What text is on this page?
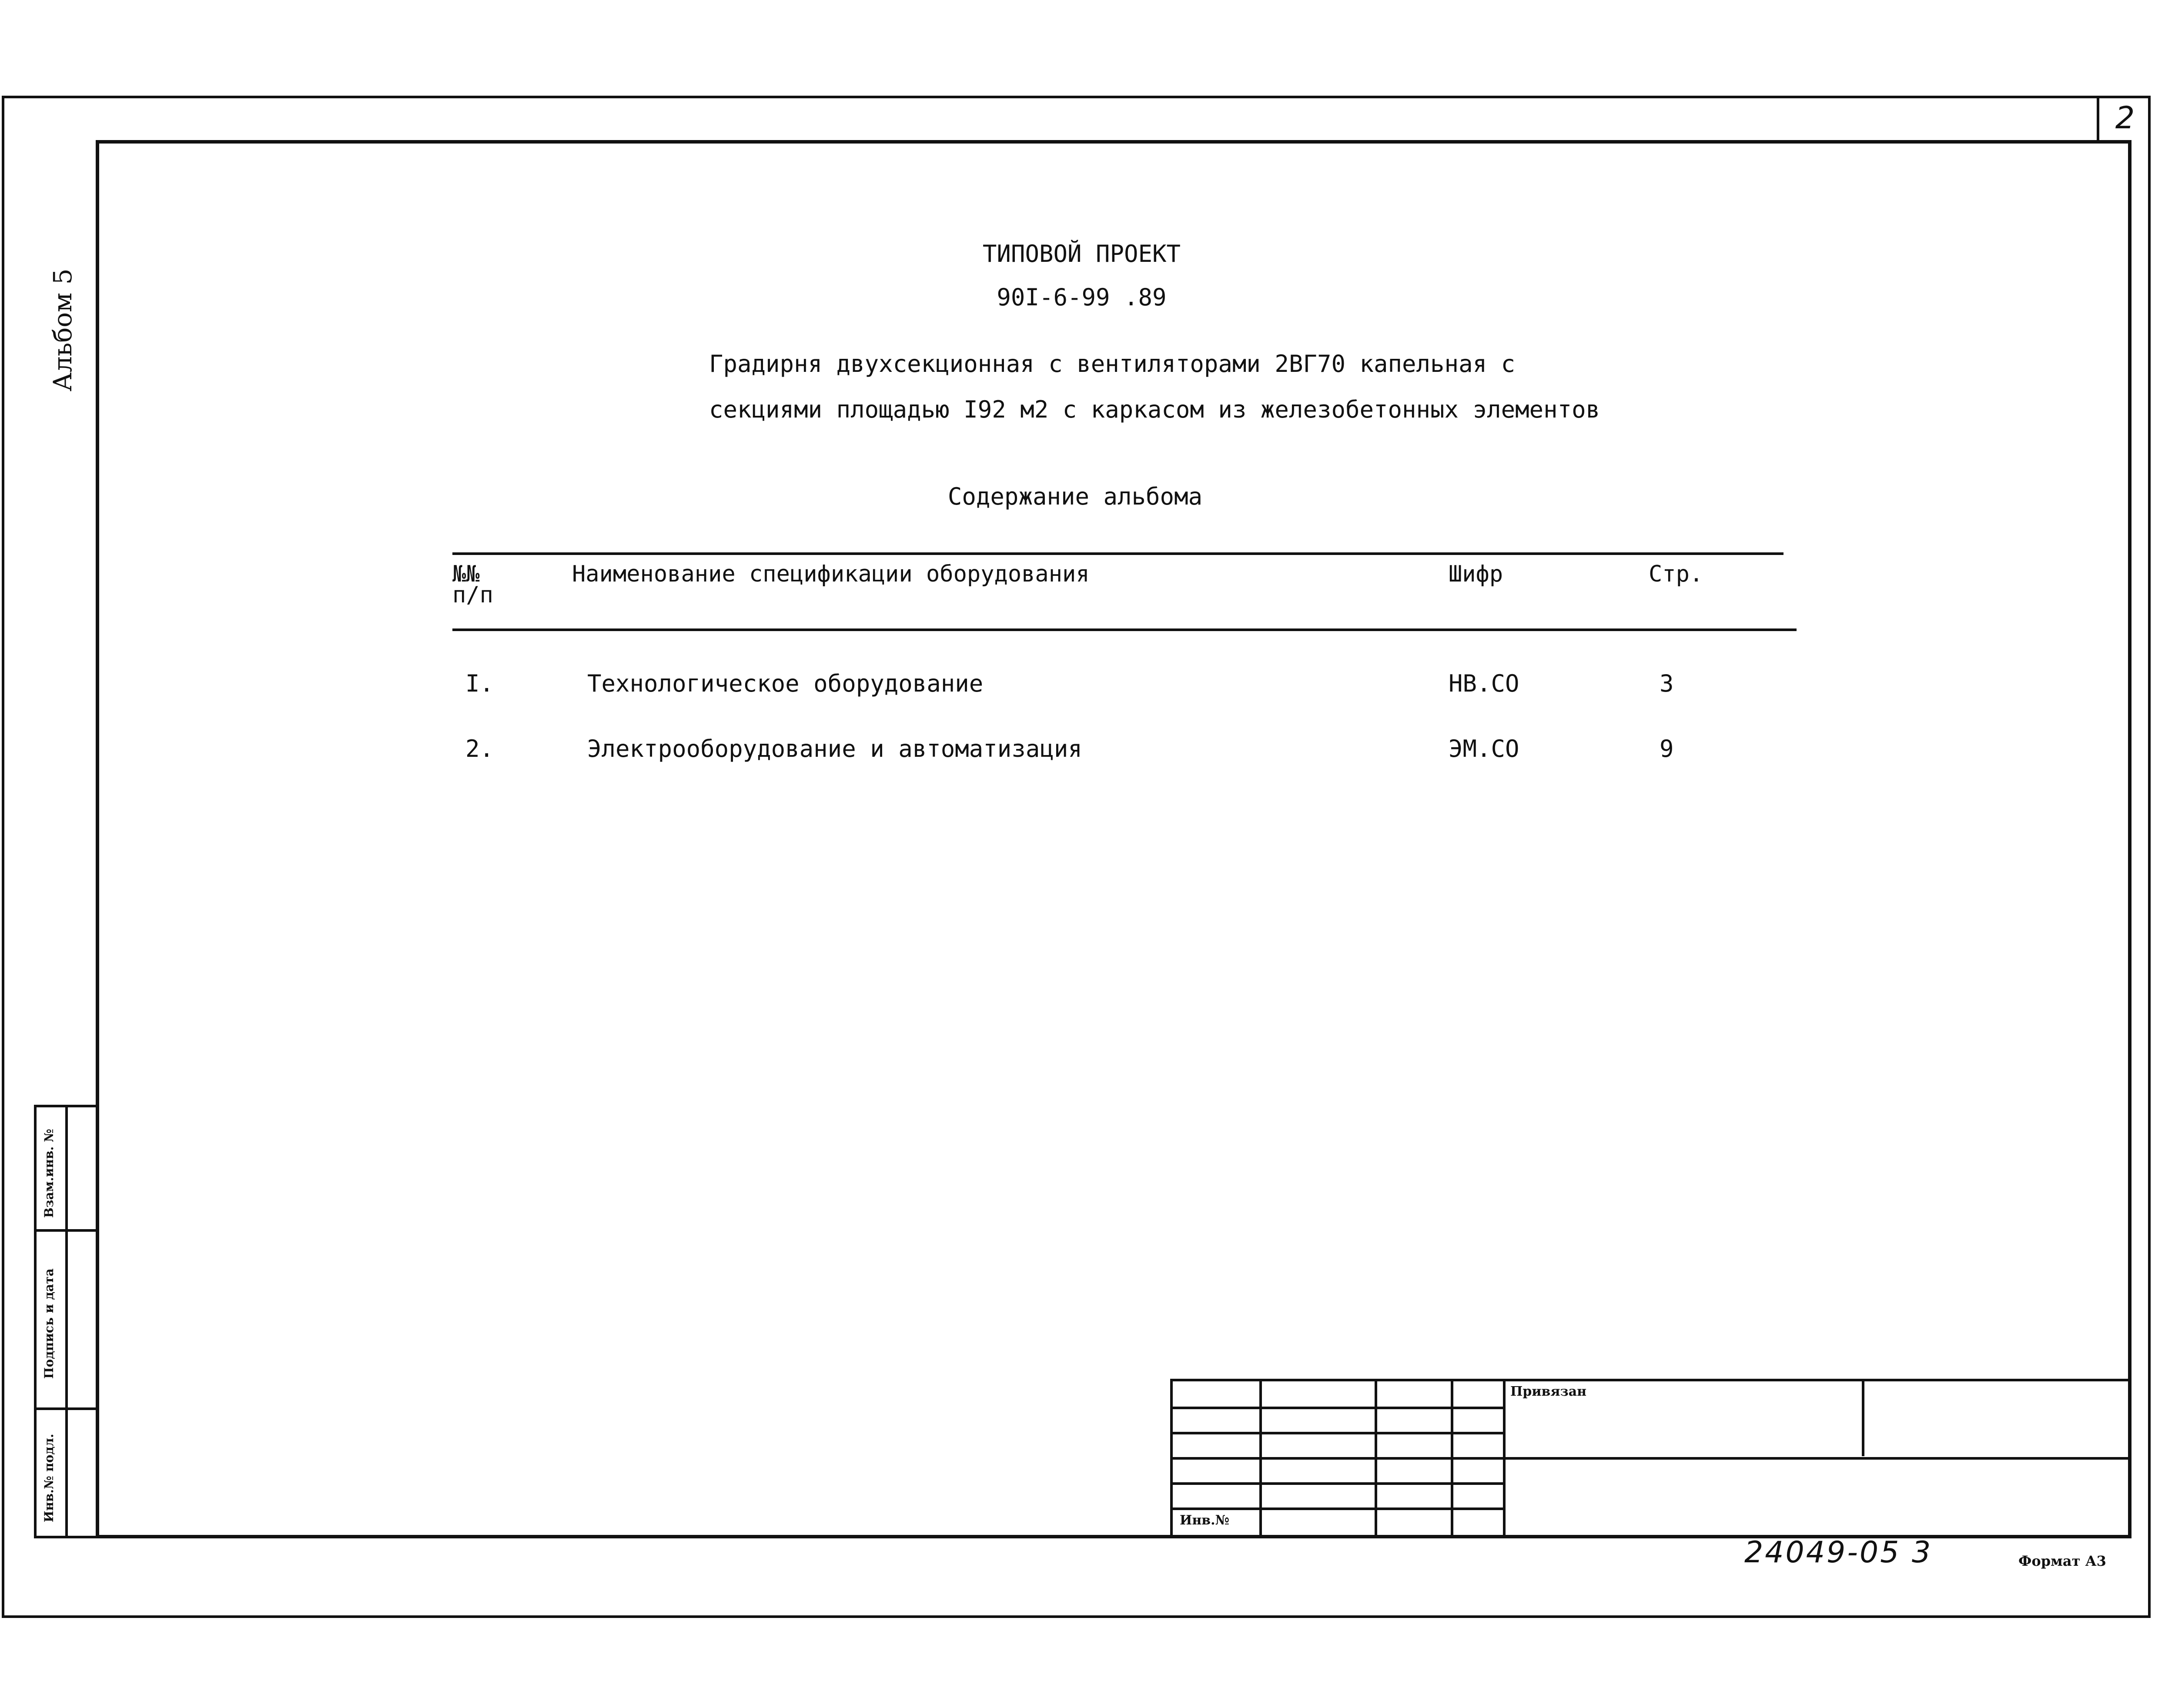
2
Альбом 5
Взам.инв. №
Подпись и дата
Инв.№ подл.
ТИПОВОЙ ПРОЕКТ
90I-6-99 .89
Градирня двухсекционная с вентиляторами 2ВГ70 капельная с
секциями площадью I92 м2 с каркасом из железобетонных элементов
Содержание альбома
№№
п/п
Наименование спецификации оборудования	Шифр	Стр.
I.	Технологическое оборудование	НВ.СО	3
2.	Электрооборудование и автоматизация	ЭМ.СО	9
Привязан
Инв.№
24049-05 3	Формат А3
